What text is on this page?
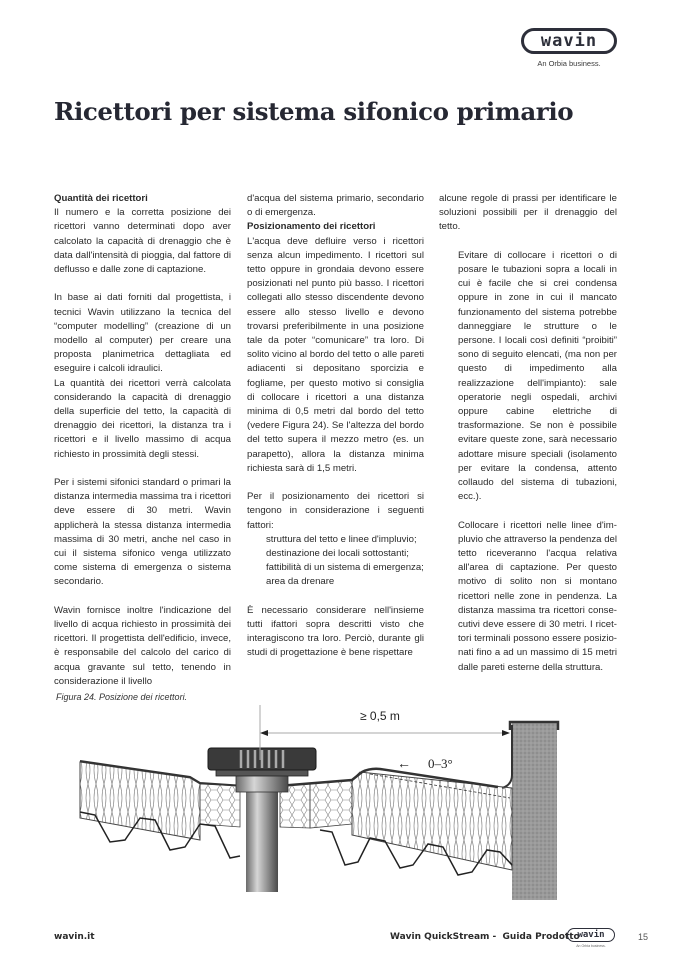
wavin
An Orbia business.
Ricettori per sistema sifonico primario

Quantità dei ricettori

Il numero e la corretta posizione dei ricettori vanno determinati dopo aver calcolato la capacità di drenaggio che è data dall'intensità di pioggia, dal fattore di deflusso e dalle zone di captazione.

In base ai dati forniti dal progettista, i tecnici Wavin utilizzano la tecnica del “computer modelling” (creazione di un modello al computer) per creare una proposta planimetrica dettagliata ed eseguire i calcoli idraulici.

La quantità dei ricettori verrà calcolata considerando la capacità di drenaggio della superficie del tetto, la capacità di drenaggio dei ricettori, la distanza tra i ricettori e il livello massimo di acqua richiesto in prossimità degli stessi.

Per i sistemi sifonici standard o primari la distanza intermedia massima tra i ricettori deve essere di 30 metri. Wavin applicherà la stessa distanza intermedia massima di 30 metri, anche nel caso in cui il sistema sifonico venga utilizzato come sistema di emergenza o sistema secondario.

Wavin fornisce inoltre l'indicazione del livello di acqua richiesto in prossimità dei ricettori. Il progettista dell'edificio, invece, è responsabile del calcolo del carico di acqua gravante sul tetto, tenendo in considerazione il livello

d'acqua del sistema primario, secondario o di emergenza.

Posizionamento dei ricettori

L'acqua deve defluire verso i ricettori senza alcun impedimento. I ricettori sul tetto oppure in grondaia devono essere posizionati nel punto più basso. I ricettori collegati allo stesso discendente devono essere allo stesso livello e devono trovarsi preferibilmente in una posizione tale da poter “comunicare” tra loro. Di solito vicino al bordo del tetto o alle pareti adiacenti si depositano sporcizia e fogliame, per questo motivo si consiglia di collocare i ricettori a una distanza minima di 0,5 metri dal bordo del tetto (vedere Figura 24). Se l'altezza del bordo del tetto supera il mezzo metro (es. un parapetto), allora la distanza minima richiesta sarà di 1,5 metri.

Per il posizionamento dei ricettori si tengono in considerazione i seguenti fattori:

struttura del tetto e linee d'impluvio;

destinazione dei locali sottostanti;

fattibilità di un sistema di emergenza;

area da drenare

È necessario considerare nell'insieme tutti ifattori sopra descritti visto che interagiscono tra loro. Perciò, durante gli studi di progettazione è bene rispettare

alcune regole di prassi per identificare le soluzioni possibili per il drenaggio del tetto.

Evitare di collocare i ricettori o di posare le tubazioni sopra a locali in cui è facile che si crei condensa oppure in zone in cui il mancato funzionamento del sistema potrebbe danneggiare le strutture o le persone. I locali così definiti “proibiti” sono di seguito elencati, (ma non per questo di impedimento alla realizzazione dell'impianto): sale operatorie negli ospedali, archivi oppure cabine elettriche di trasformazione. Se non è possibile evitare queste zone, sarà necessario adottare misure speciali (isolamento per evitare la condensa, attento collaudo del sistema di tubazioni, ecc.).

Collocare i ricettori nelle linee d'impluvio che attraverso la pendenza del tetto riceveranno l'acqua relativa all'area di captazione. Per questo motivo di solito non si montano ricettori nelle zone in pendenza. La distanza massima tra ricettori consecutivi deve essere di 30 metri. I ricettori terminali possono essere posizionati fino a ad un massimo di 15 metri dalle pareti esterne della struttura.

Figura 24. Posizione dei ricettori.
≥ 0,5 m
← 0–3°
wavin.it	Wavin QuickStream -  Guida Prodotto
wavin
An Orbia business.
15
